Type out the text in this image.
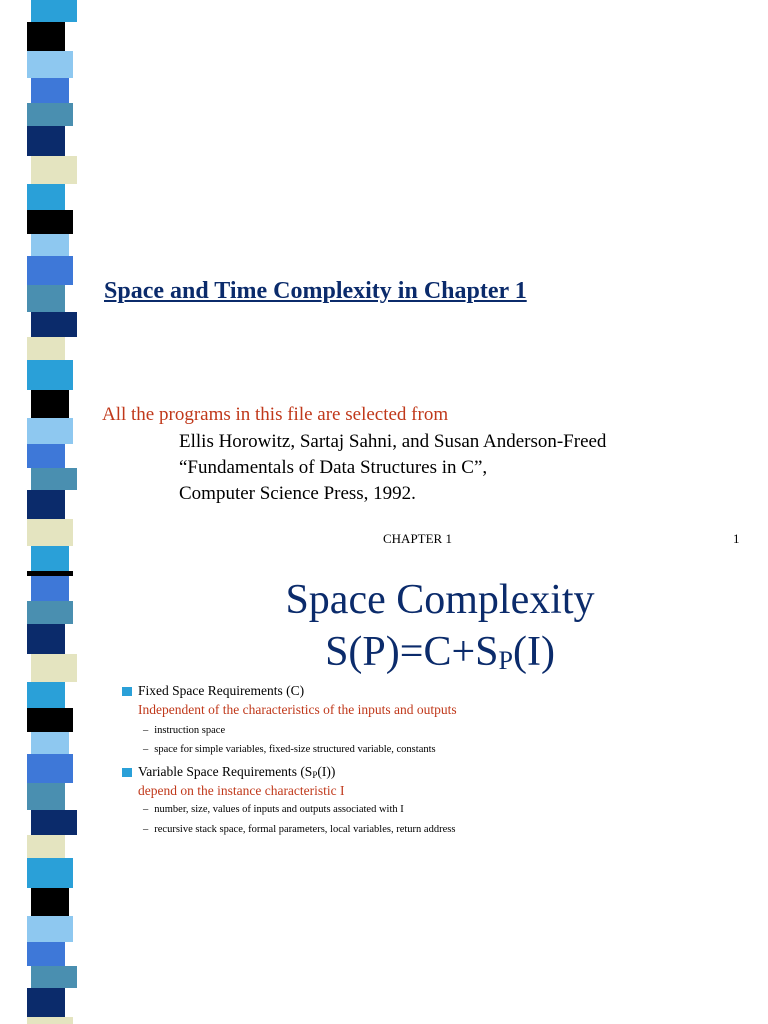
Space and Time Complexity in Chapter 1
All the programs in this file are selected from
Ellis Horowitz, Sartaj Sahni, and Susan Anderson-Freed
“Fundamentals of Data Structures in C”,
Computer Science Press, 1992.
CHAPTER 1	1
Space Complexity
$S(P)=C+S_P(I)$
Fixed Space Requirements (C)
Independent of the characteristics of the inputs and outputs
– instruction space
– space for simple variables, fixed-size structured variable, constants
Variable Space Requirements $(S_P(I))$
depend on the instance characteristic I
– number, size, values of inputs and outputs associated with I
– recursive stack space, formal parameters, local variables, return address
